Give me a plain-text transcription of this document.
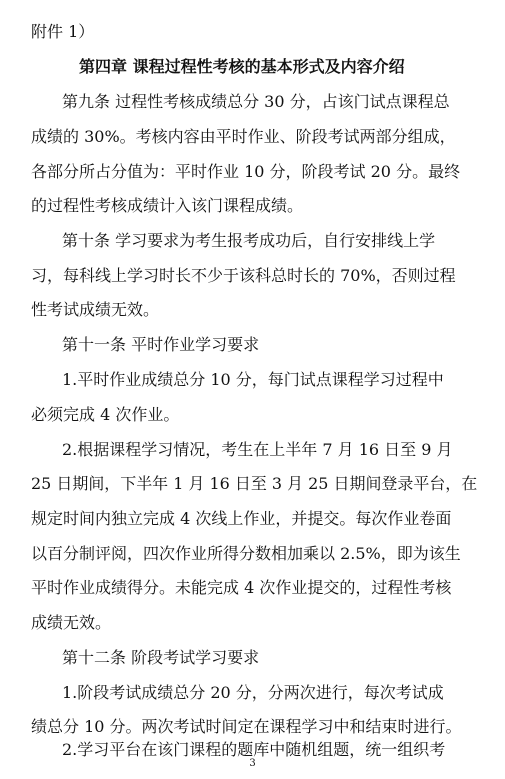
附件 1）
第四章 课程过程性考核的基本形式及内容介绍
第九条 过程性考核成绩总分 30 分，占该门试点课程总
成绩的 30%。考核内容由平时作业、阶段考试两部分组成，
各部分所占分值为：平时作业 10 分，阶段考试 20 分。最终
的过程性考核成绩计入该门课程成绩。
第十条 学习要求为考生报考成功后，自行安排线上学
习，每科线上学习时长不少于该科总时长的 70%，否则过程
性考试成绩无效。
第十一条 平时作业学习要求
1.平时作业成绩总分 10 分，每门试点课程学习过程中
必须完成 4 次作业。
2.根据课程学习情况，考生在上半年 7 月 16 日至 9 月
25 日期间，下半年 1 月 16 日至 3 月 25 日期间登录平台，在
规定时间内独立完成 4 次线上作业，并提交。每次作业卷面
以百分制评阅，四次作业所得分数相加乘以 2.5%，即为该生
平时作业成绩得分。未能完成 4 次作业提交的，过程性考核
成绩无效。
第十二条 阶段考试学习要求
1.阶段考试成绩总分 20 分，分两次进行，每次考试成
绩总分 10 分。两次考试时间定在课程学习中和结束时进行。
2.学习平台在该门课程的题库中随机组题，统一组织考
3
